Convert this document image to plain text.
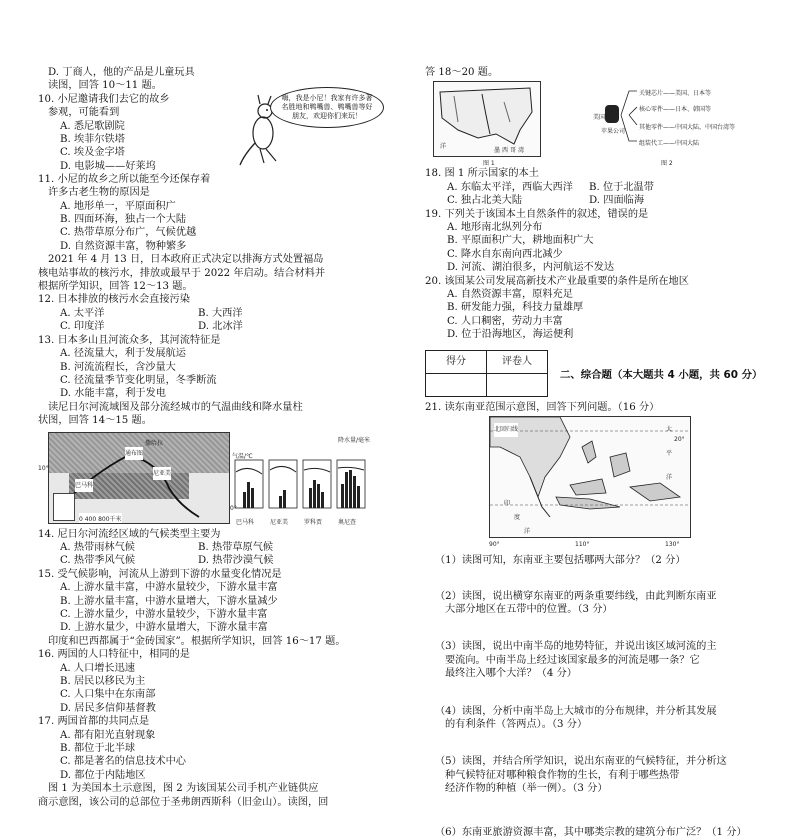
D. 丁商人，他的产品是儿童玩具
读图，回答 10～11 题。
10. 小尼邀请我们去它的故乡
参观，可能看到
A. 悉尼歌剧院
B. 埃菲尔铁塔
C. 埃及金字塔
D. 电影城——好莱坞
嗨，我是小尼！我家有许多著名胜地和鸭嘴兽、鸭嘴兽等好朋友，欢迎你们来玩！
11. 小尼的故乡之所以能至今还保存着
许多古老生物的原因是
A. 地形单一，平原面积广
B. 四面环海，独占一个大陆
C. 热带草原分布广，气候优越
D. 自然资源丰富，物种繁多
2021 年 4 月 13 日，日本政府正式决定以排海方式处置福岛
核电站事故的核污水，排放或最早于 2022 年启动。结合材料并
根据所学知识，回答 12～13 题。
12. 日本排放的核污水会直接污染
A. 太平洋	B. 大西洋
C. 印度洋	D. 北冰洋
13. 日本多山且河流众多，其河流特征是
A. 径流量大，利于发展航运
B. 河流流程长，含沙量大
C. 径流量季节变化明显，冬季断流
D. 水能丰富，利于发电
读尼日尔河流域图及部分流经城市的气温曲线和降水量柱
状图，回答 14～15 题。
通布图
巴马科
尼亚美
撒哈拉
0 400 800千米
10°
0°
气温/℃
降水量/毫米
巴马科	尼亚美	罗科贾	奥尼查
14. 尼日尔河流经区域的气候类型主要为
A. 热带雨林气候	B. 热带草原气候
C. 热带季风气候	D. 热带沙漠气候
15. 受气候影响，河流从上游到下游的水量变化情况是
A. 上游水量丰富，中游水量较少，下游水量丰富
B. 上游水量丰富，中游水量增大，下游水量减少
C. 上游水量少，中游水量较少，下游水量丰富
D. 上游水量少，中游水量增大，下游水量丰富
印度和巴西都属于“金砖国家”。根据所学知识，回答 16～17 题。
16. 两国的人口特征中，相同的是
A. 人口增长迅速
B. 居民以移民为主
C. 人口集中在东南部
D. 居民多信仰基督教
17. 两国首都的共同点是
A. 都有阳光直射现象
B. 都位于北半球
C. 都是著名的信息技术中心
D. 都位于内陆地区
图 1 为美国本土示意图，图 2 为该国某公司手机产业链供应
商示意图，该公司的总部位于圣弗朗西斯科（旧金山）。读图，回
答 18～20 题。
墨 西 哥 湾
洋
图 1
美国
苹果公司
关键芯片——美国、日本等
核心零件——日本、韩国等
其他零件——中国大陆、中国台湾等
组装代工——中国大陆
图 2
18. 图 1 所示国家的本土
A. 东临太平洋，西临大西洋	B. 位于北温带
C. 独占北美大陆	D. 四面临海
19. 下列关于该国本土自然条件的叙述，错误的是
A. 地形南北纵列分布
B. 平原面积广大，耕地面积广大
C. 降水自东南向西北减少
D. 河流、湖泊很多，内河航运不发达
20. 该国某公司发展高新技术产业最重要的条件是所在地区
A. 自然资源丰富，原料充足
B. 研发能力强，科技力量雄厚
C. 人口稠密，劳动力丰富
D. 位于沿海地区，海运便利
得分	评卷人

二、综合题（本大题共 4 小题，共 60 分）
21. 读东南亚范围示意图，回答下列问题。（16 分）
北回归线
20°
太
平
洋
印
度
洋
90°	110°	130°
（1）读图可知，东南亚主要包括哪两大部分？（2 分）
（2）读图，说出横穿东南亚的两条重要纬线，由此判断东南亚
大部分地区在五带中的位置。（3 分）
（3）读图，说出中南半岛的地势特征，并说出该区域河流的主
要流向。中南半岛上经过该国家最多的河流是哪一条？它
最终注入哪个大洋？（4 分）
（4）读图，分析中南半岛上大城市的分布规律，并分析其发展
的有利条件（答两点）。（3 分）
（5）读图，并结合所学知识，说出东南亚的气候特征，并分析这
种气候特征对哪种粮食作物的生长，有利于哪些热带
经济作物的种植（举一例）。（3 分）
（6）东南亚旅游资源丰富，其中哪类宗教的建筑分布广泛？（1 分）
